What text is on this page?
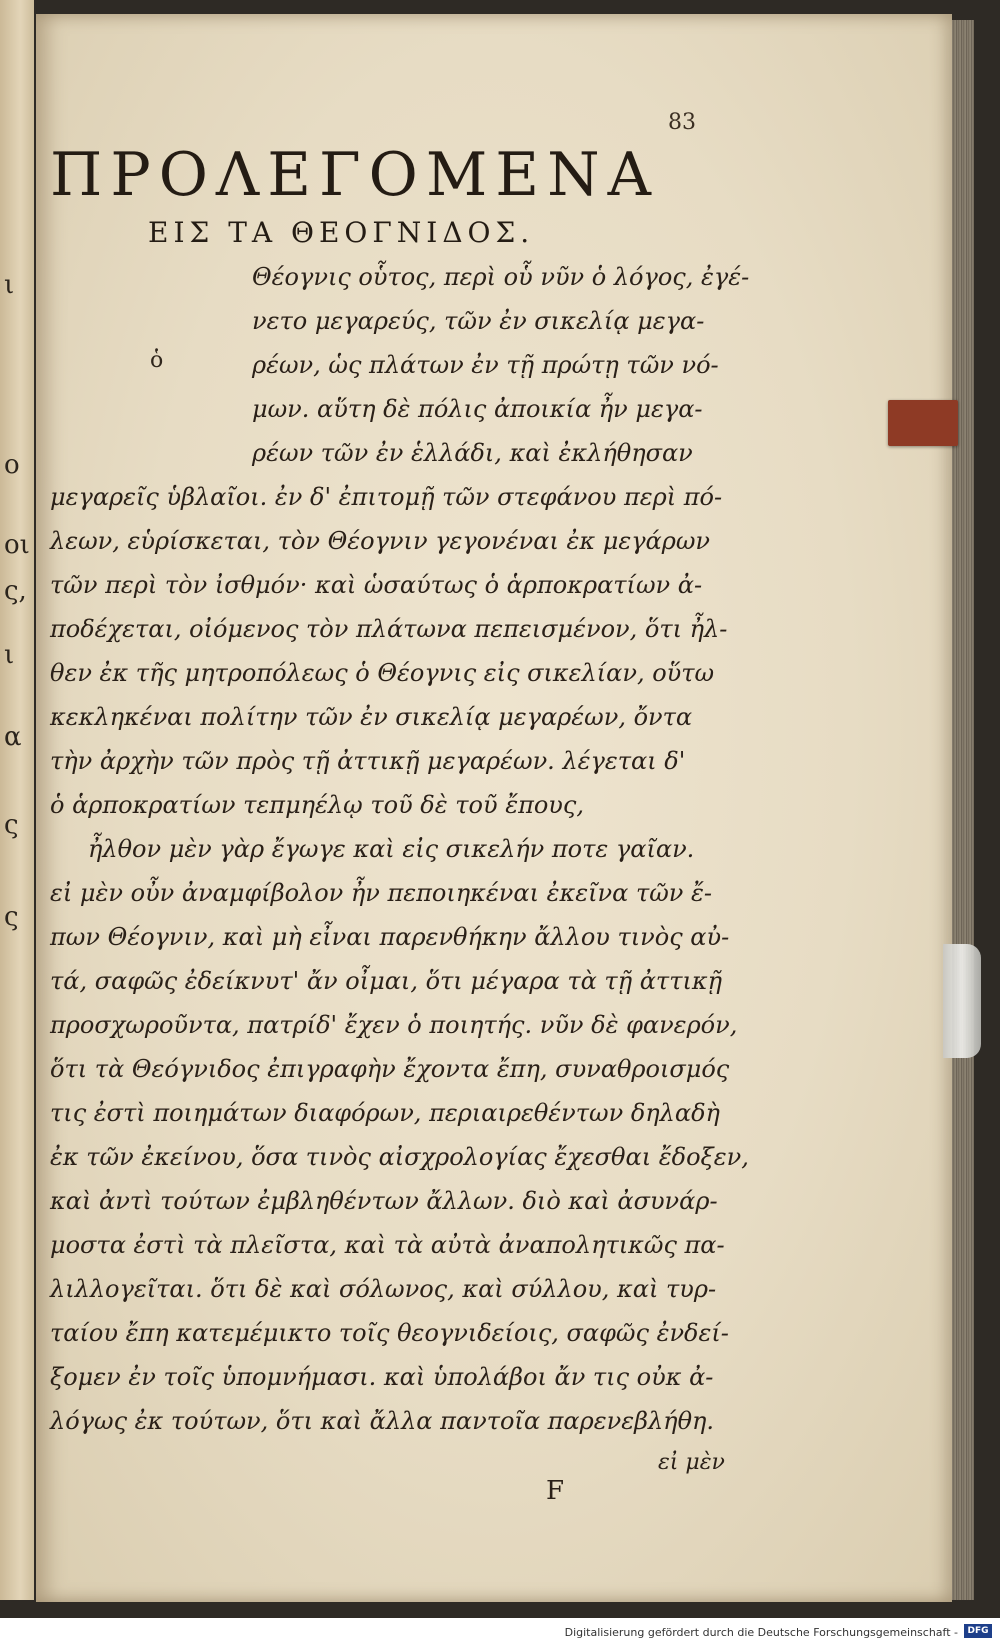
ι
ο
οι
ς,
ι
α
ς
ς
83
ΠΡΟΛΕΓΟΜΕΝΑ
ΕΙΣ ΤΑ ΘΕΟΓΝΙΔΟΣ.
ὁ
Θέογνις οὗτος, περὶ οὗ νῦν ὁ λόγος, ἐγέ-
νετο μεγαρεύς, τῶν ἐν σικελίᾳ μεγα-
ρέων, ὡς πλάτων ἐν τῇ πρώτῃ τῶν νό-
μων. αὕτη δὲ πόλις ἀποικία ἦν μεγα-
ρέων τῶν ἐν ἑλλάδι, καὶ ἐκλήθησαν
μεγαρεῖς ὑβλαῖοι. ἐν δ' ἐπιτομῇ τῶν στεφάνου περὶ πό-
λεων, εὑρίσκεται, τὸν Θέογνιν γεγονέναι ἐκ μεγάρων
τῶν περὶ τὸν ἰσθμόν· καὶ ὡσαύτως ὁ ἁρποκρατίων ἀ-
ποδέχεται, οἰόμενος τὸν πλάτωνα πεπεισμένον, ὅτι ἦλ-
θεν ἐκ τῆς μητροπόλεως ὁ Θέογνις εἰς σικελίαν, οὕτω
κεκληκέναι πολίτην τῶν ἐν σικελίᾳ μεγαρέων, ὄντα
τὴν ἀρχὴν τῶν πρὸς τῇ ἀττικῇ μεγαρέων. λέγεται δ'
ὁ ἁρποκρατίων τεπμηέλῳ τοῦ δὲ τοῦ ἔπους,
ἦλθον μὲν γὰρ ἔγωγε καὶ εἰς σικελήν ποτε γαῖαν.
εἰ μὲν οὖν ἀναμφίβολον ἦν πεποιηκέναι ἐκεῖνα τῶν ἔ-
πων Θέογνιν, καὶ μὴ εἶναι παρενθήκην ἄλλου τινὸς αὐ-
τά, σαφῶς ἐδείκνυτ' ἄν οἶμαι, ὅτι μέγαρα τὰ τῇ ἀττικῇ
προσχωροῦντα, πατρίδ' ἔχεν ὁ ποιητής. νῦν δὲ φανερόν,
ὅτι τὰ Θεόγνιδος ἐπιγραφὴν ἔχοντα ἔπη, συναθροισμός
τις ἐστὶ ποιημάτων διαφόρων, περιαιρεθέντων δηλαδὴ
ἐκ τῶν ἐκείνου, ὅσα τινὸς αἰσχρολογίας ἔχεσθαι ἔδοξεν,
καὶ ἀντὶ τούτων ἐμβληθέντων ἄλλων. διὸ καὶ ἀσυνάρ-
μοστα ἐστὶ τὰ πλεῖστα, καὶ τὰ αὐτὰ ἀναπολητικῶς πα-
λιλλογεῖται. ὅτι δὲ καὶ σόλωνος, καὶ σύλλου, καὶ τυρ-
ταίου ἔπη κατεμέμικτο τοῖς θεογνιδείοις, σαφῶς ἐνδεί-
ξομεν ἐν τοῖς ὑπομνήμασι. καὶ ὑπολάβοι ἄν τις οὐκ ἀ-
λόγως ἐκ τούτων, ὅτι καὶ ἄλλα παντοῖα παρενεβλήθη.
εἰ μὲν
F
Digitalisierung gefördert durch die Deutsche Forschungsgemeinschaft -	DFG
